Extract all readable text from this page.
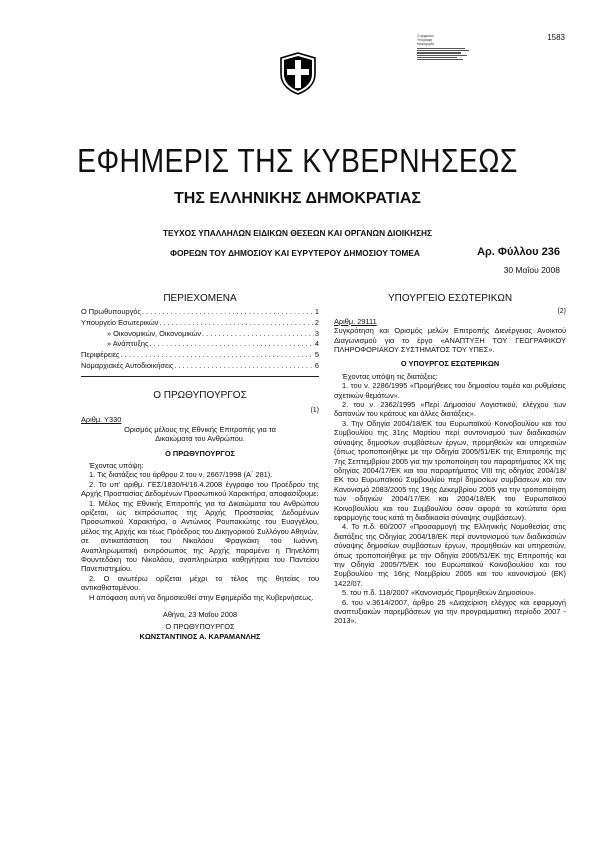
Ο ψηφιακός
Υπογραφή
Ημερομηνία
1583
ΕΦΗΜΕΡΙΣ ΤΗΣ ΚΥΒΕΡΝΗΣΕΩΣ
ΤΗΣ ΕΛΛΗΝΙΚΗΣ ΔΗΜΟΚΡΑΤΙΑΣ
ΤΕΥΧΟΣ ΥΠΑΛΛΗΛΩΝ ΕΙΔΙΚΩΝ ΘΕΣΕΩΝ ΚΑΙ ΟΡΓΑΝΩΝ ΔΙΟΙΚΗΣΗΣ
ΦΟΡΕΩΝ ΤΟΥ ΔΗΜΟΣΙΟΥ ΚΑΙ ΕΥΡΥΤΕΡΟΥ ΔΗΜΟΣΙΟΥ ΤΟΜΕΑ	Αρ. Φύλλου 236
30 Μαΐου 2008
ΠΕΡΙΕΧΟΜΕΝΑ
Ο Πρωθυπουργός . . .	1
Υπουργείο Εσωτερικών . . .	2
» Οικονομικών, Οικονομικών . . .	3
» Ανάπτυξης . . .	4
Περιφέρειες . . .	5
Νομαρχιακές Αυτοδιοικήσεις . . .	6
Ο ΠΡΩΘΥΠΟΥΡΓΟΣ
(1)

Αριθμ. Υ330

Ορισμός μέλους της Εθνικής Επιτροπής για τα Δικαιώματα του Ανθρώπου.

Ο ΠΡΩΘΥΠΟΥΡΓΟΣ

Έχοντας υπόψη:

1. Τις διατάξεις του άρθρου 2 του ν. 2667/1998 (Α΄ 281).

2. Το υπ' αριθμ. ΓΕΣ/1830/Η/16.4.2008 έγγραφο του Προέδρου της Αρχής Προστασίας Δεδομένων Προσωπικού Χαρακτήρα, αποφασίζουμε:

1. Μέλος της Εθνικής Επιτροπής για τα Δικαιώματα του Ανθρώπου ορίζεται, ως εκπρόσωπος της Αρχής Προστασίας Δεδομένων Προσωπικού Χαρακτήρα, ο Αντώνιος Ρουπακιώτης του Ευαγγέλου, μέλος της Αρχής και τέως Πρόεδρος του Δικηγορικού Συλλόγου Αθηνών, σε αντικατάσταση του Νικολάου Φραγκάκη του Ιωάννη. Αναπληρωματική εκπρόσωπος της Αρχής παραμένει η Πηνελόπη Φουντεδάκη του Νικολάου, αναπληρώτρια καθηγήτρια του Παντείου Πανεπιστημίου.

2. Ο ανωτέρω ορίζεται μέχρι το τέλος της θητείας του αντικαθισταμένου.

Η απόφαση αυτή να δημοσιευθεί στην Εφημερίδα της Κυβερνήσεως.

Αθήνα, 23 Μαΐου 2008

Ο ΠΡΩΘΥΠΟΥΡΓΟΣ

ΚΩΝΣΤΑΝΤΙΝΟΣ Α. ΚΑΡΑΜΑΝΛΗΣ

ΥΠΟΥΡΓΕΙΟ ΕΣΩΤΕΡΙΚΩΝ
(2)

Αριθμ. 29111

Συγκρότηση και Ορισμός μελών Επιτροπής Διενέργειας Ανοικτού Διαγωνισμού για το έργο «ΑΝΑΠΤΥΞΗ ΤΟΥ ΓΕΩΓΡΑΦΙΚΟΥ ΠΛΗΡΟΦΟΡΙΑΚΟΥ ΣΥΣΤΗΜΑΤΟΣ ΤΟΥ ΥΠΕΣ».

Ο ΥΠΟΥΡΓΟΣ ΕΣΩΤΕΡΙΚΩΝ

Έχοντας υπόψη τις διατάξεις:

1. του ν. 2286/1995 «Προμήθειες του δημοσίου τομέα και ρυθμίσεις σχετικών θεμάτων».

2. του ν. 2362/1995 «Περί Δημοσίου Λογιστικού, ελέγχου των δαπανών του κράτους και άλλες διατάξεις».

3. Την Οδηγία 2004/18/ΕΚ του Ευρωπαϊκού Κοινοβουλίου και του Συμβουλίου της 31ης Μαρτίου περί συντονισμού των διαδικασιών σύναψης δημοσίων συμβάσεων έργων, προμηθειών και υπηρεσιών (όπως τροποποιήθηκε με την Οδηγία 2005/51/ΕΚ της Επιτροπής της 7ης Σεπτεμβρίου 2005 για την τροποποίηση του παραρτήματος ΧΧ της οδηγίας 2004/17/ΕΚ και του παραρτήματος VIII της οδηγίας 2004/18/ΕΚ του Ευρωπαϊκού Συμβουλίου περί δημοσίων συμβάσεων και τον Κανονισμό 2083/2005 της 19ης Δεκεμβρίου 2005 για την τροποποίηση των οδηγιών 2004/17/ΕΚ και 2004/18/ΕΚ του Ευρωπαϊκού Κοινοβουλίου και του Συμβουλίου όσον αφορά τα κατώτατα όρια εφαρμογής τους κατά τη διαδικασία σύναψης συμβάσεων).

4. Το π.δ. 60/2007 «Προσαρμογή της Ελληνικής Νομοθεσίας στις διατάξεις της Οδηγίας 2004/18/ΕΚ περί συντονισμού των διαδικασιών σύναψης δημοσίων συμβάσεων έργων, προμηθειών και υπηρεσιών, όπως τροποποιήθηκε με την Οδηγία 2005/51/ΕΚ της Επιτροπής και την Οδηγία 2005/75/ΕΚ του Ευρωπαϊκού Κοινοβουλίου και του Συμβουλίου της 16ης Νοεμβρίου 2005 και του κανονισμού (ΕΚ) 1422/07.

5. του π.δ. 118/2007 «Κανονισμός Προμηθειών Δημοσίου».

6. του ν.3614/2007, άρθρο 25 «Διαχείριση ελέγχος και εφαρμογή αναπτυξιακών παρεμβάσεων για την προγραμματική περίοδο 2007 - 2013».
